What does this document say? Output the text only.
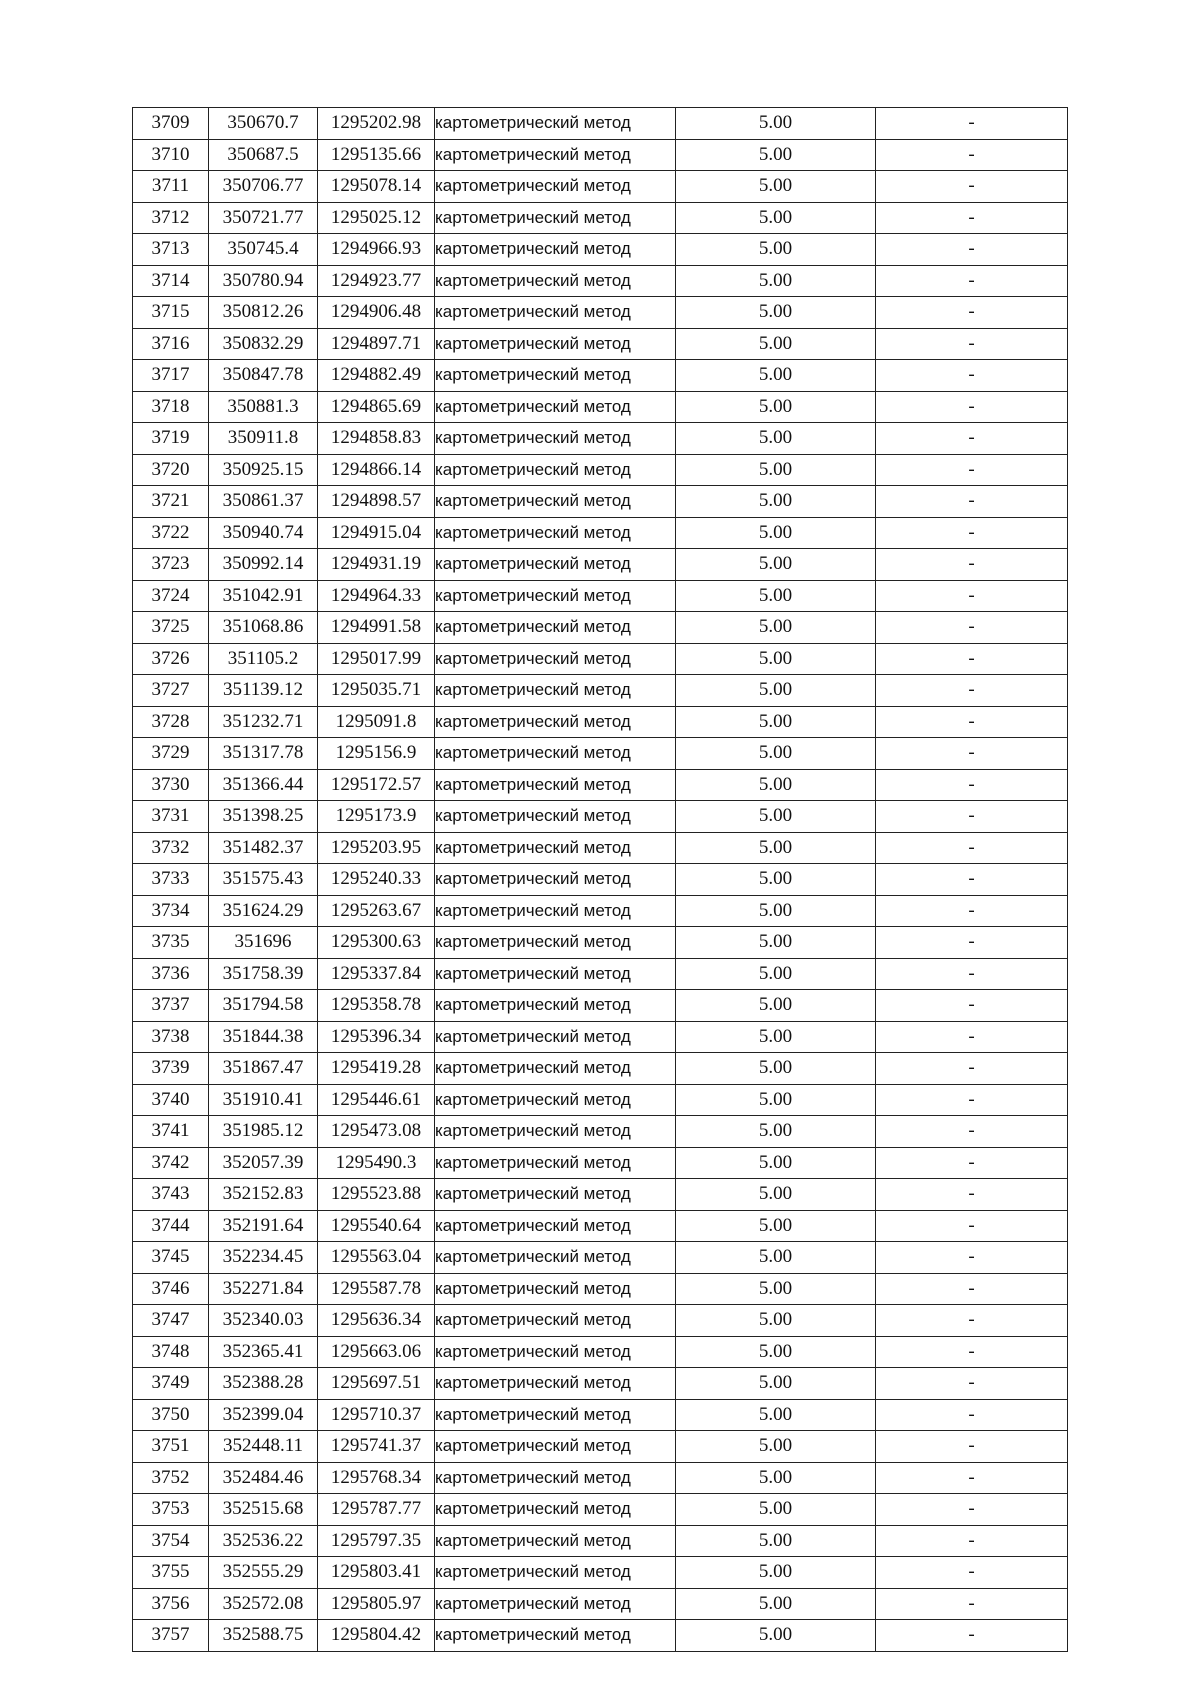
3709	350670.7	1295202.98	картометрический метод	5.00	-
3710	350687.5	1295135.66	картометрический метод	5.00	-
3711	350706.77	1295078.14	картометрический метод	5.00	-
3712	350721.77	1295025.12	картометрический метод	5.00	-
3713	350745.4	1294966.93	картометрический метод	5.00	-
3714	350780.94	1294923.77	картометрический метод	5.00	-
3715	350812.26	1294906.48	картометрический метод	5.00	-
3716	350832.29	1294897.71	картометрический метод	5.00	-
3717	350847.78	1294882.49	картометрический метод	5.00	-
3718	350881.3	1294865.69	картометрический метод	5.00	-
3719	350911.8	1294858.83	картометрический метод	5.00	-
3720	350925.15	1294866.14	картометрический метод	5.00	-
3721	350861.37	1294898.57	картометрический метод	5.00	-
3722	350940.74	1294915.04	картометрический метод	5.00	-
3723	350992.14	1294931.19	картометрический метод	5.00	-
3724	351042.91	1294964.33	картометрический метод	5.00	-
3725	351068.86	1294991.58	картометрический метод	5.00	-
3726	351105.2	1295017.99	картометрический метод	5.00	-
3727	351139.12	1295035.71	картометрический метод	5.00	-
3728	351232.71	1295091.8	картометрический метод	5.00	-
3729	351317.78	1295156.9	картометрический метод	5.00	-
3730	351366.44	1295172.57	картометрический метод	5.00	-
3731	351398.25	1295173.9	картометрический метод	5.00	-
3732	351482.37	1295203.95	картометрический метод	5.00	-
3733	351575.43	1295240.33	картометрический метод	5.00	-
3734	351624.29	1295263.67	картометрический метод	5.00	-
3735	351696	1295300.63	картометрический метод	5.00	-
3736	351758.39	1295337.84	картометрический метод	5.00	-
3737	351794.58	1295358.78	картометрический метод	5.00	-
3738	351844.38	1295396.34	картометрический метод	5.00	-
3739	351867.47	1295419.28	картометрический метод	5.00	-
3740	351910.41	1295446.61	картометрический метод	5.00	-
3741	351985.12	1295473.08	картометрический метод	5.00	-
3742	352057.39	1295490.3	картометрический метод	5.00	-
3743	352152.83	1295523.88	картометрический метод	5.00	-
3744	352191.64	1295540.64	картометрический метод	5.00	-
3745	352234.45	1295563.04	картометрический метод	5.00	-
3746	352271.84	1295587.78	картометрический метод	5.00	-
3747	352340.03	1295636.34	картометрический метод	5.00	-
3748	352365.41	1295663.06	картометрический метод	5.00	-
3749	352388.28	1295697.51	картометрический метод	5.00	-
3750	352399.04	1295710.37	картометрический метод	5.00	-
3751	352448.11	1295741.37	картометрический метод	5.00	-
3752	352484.46	1295768.34	картометрический метод	5.00	-
3753	352515.68	1295787.77	картометрический метод	5.00	-
3754	352536.22	1295797.35	картометрический метод	5.00	-
3755	352555.29	1295803.41	картометрический метод	5.00	-
3756	352572.08	1295805.97	картометрический метод	5.00	-
3757	352588.75	1295804.42	картометрический метод	5.00	-
